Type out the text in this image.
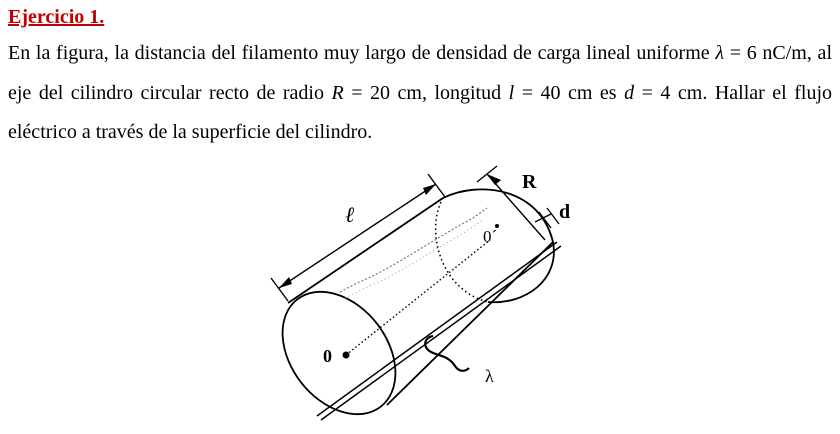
Ejercicio 1.
En la figura, la distancia del filamento muy largo de densidad de carga lineal uniforme λ = 6 nC/m, al eje del cilindro circular recto de radio R = 20 cm, longitud l = 40 cm es d = 4 cm. Hallar el flujo eléctrico a través de la superficie del cilindro.
ℓ
R
d
0
0´
λ
